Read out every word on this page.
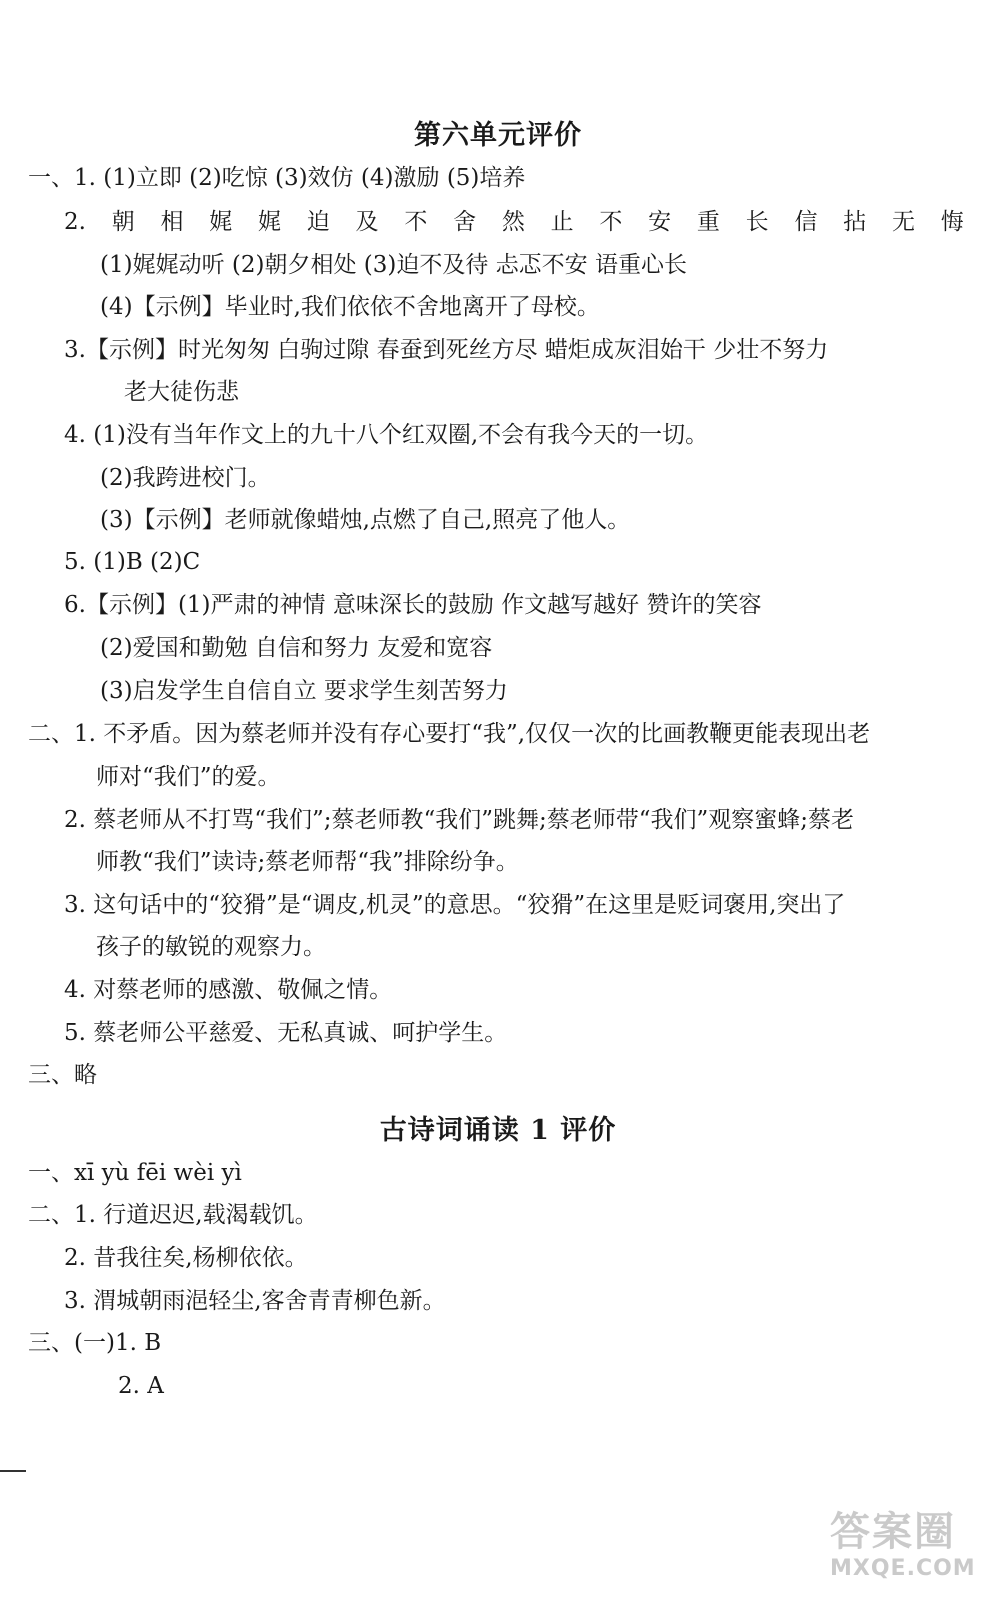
第六单元评价
一、1. (1)立即 (2)吃惊 (3)效仿 (4)激励 (5)培养
2. 朝 相 娓 娓 迫 及 不 舍 然 止 不 安 重 长 信 拈 无 悔
(1)娓娓动听 (2)朝夕相处 (3)迫不及待 忐忑不安 语重心长
(4)【示例】毕业时,我们依依不舍地离开了母校。
3.【示例】时光匆匆 白驹过隙 春蚕到死丝方尽 蜡炬成灰泪始干 少壮不努力
老大徒伤悲
4. (1)没有当年作文上的九十八个红双圈,不会有我今天的一切。
(2)我跨进校门。
(3)【示例】老师就像蜡烛,点燃了自己,照亮了他人。
5. (1)B (2)C
6.【示例】(1)严肃的神情 意味深长的鼓励 作文越写越好 赞许的笑容
(2)爱国和勤勉 自信和努力 友爱和宽容
(3)启发学生自信自立 要求学生刻苦努力
二、1. 不矛盾。因为蔡老师并没有存心要打“我”,仅仅一次的比画教鞭更能表现出老
师对“我们”的爱。
2. 蔡老师从不打骂“我们”;蔡老师教“我们”跳舞;蔡老师带“我们”观察蜜蜂;蔡老
师教“我们”读诗;蔡老师帮“我”排除纷争。
3. 这句话中的“狡猾”是“调皮,机灵”的意思。“狡猾”在这里是贬词褒用,突出了
孩子的敏锐的观察力。
4. 对蔡老师的感激、敬佩之情。
5. 蔡老师公平慈爱、无私真诚、呵护学生。
三、略
古诗词诵读 1 评价
一、xī yù fēi wèi yì
二、1. 行道迟迟,载渴载饥。
2. 昔我往矣,杨柳依依。
3. 渭城朝雨浥轻尘,客舍青青柳色新。
三、(一)1. B
2. A
答案圈
MXQE.COM
